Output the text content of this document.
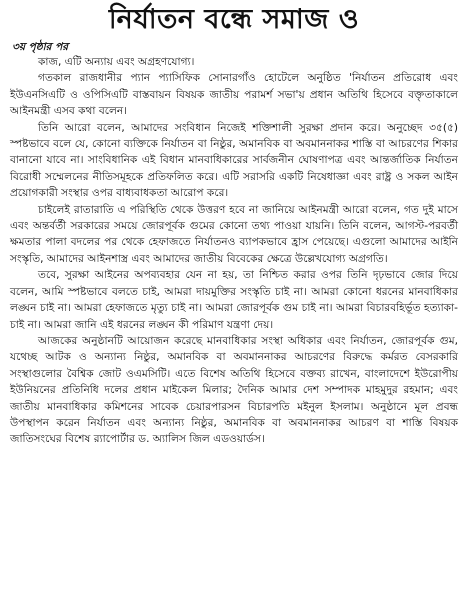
নির্যাতন বন্ধে সমাজ ও
৩য় পৃষ্ঠার পর

কাজ, এটি অন্যায় এবং অগ্রহণযোগ্য।

গতকাল রাজধানীর প্যান প্যাসিফিক সোনারগাঁও হোটেলে অনুষ্ঠিত 'নির্যাতন প্রতিরোধ এবং ইউএনসিএটি ও ওপিসিএটি বাস্তবায়ন বিষয়ক জাতীয় পরামর্শ সভা'য় প্রধান অতিথি হিসেবে বক্তৃতাকালে আইনমন্ত্রী এসব কথা বলেন।

তিনি আরো বলেন, আমাদের সংবিধান নিজেই শক্তিশালী সুরক্ষা প্রদান করে। অনুচ্ছেদ ৩৫(৫) স্পষ্টভাবে বলে যে, কোনো ব্যক্তিকে নির্যাতন বা নিষ্ঠুর, অমানবিক বা অবমাননাকর শাস্তি বা আচরণের শিকার বানানো যাবে না। সাংবিধানিক এই বিধান মানবাধিকারের সার্বজনীন ঘোষণাপত্র এবং আন্তর্জাতিক নির্যাতন বিরোধী সম্মেলনের নীতিসমূহকে প্রতিফলিত করে। এটি সরাসরি একটি নিষেধাজ্ঞা এবং রাষ্ট্র ও সকল আইন প্রয়োগকারী সংস্থার ওপর বাধ্যবাধকতা আরোপ করে।

চাইলেই রাতারাতি এ পরিস্থিতি থেকে উত্তরণ হবে না জানিয়ে আইনমন্ত্রী আরো বলেন, গত দুই মাসে এবং অন্তর্বর্তী সরকারের সময়ে জোরপূর্বক গুমের কোনো তথ্য পাওয়া যায়নি। তিনি বলেন, আগস্ট-পরবর্তী ক্ষমতার পালা বদলের পর থেকে হেফাজতে নির্যাতনও ব্যাপকভাবে হ্রাস পেয়েছে। এগুলো আমাদের আইনি সংস্কৃতি, আমাদের আইনশাস্ত্র এবং আমাদের জাতীয় বিবেকের ক্ষেত্রে উল্লেখযোগ্য অগ্রগতি।

তবে, সুরক্ষা আইনের অপব্যবহার যেন না হয়, তা নিশ্চিত করার ওপর তিনি দৃঢ়ভাবে জোর দিয়ে বলেন, আমি স্পষ্টভাবে বলতে চাই, আমরা দায়মুক্তির সংস্কৃতি চাই না। আমরা কোনো ধরনের মানবাধিকার লঙ্ঘন চাই না। আমরা হেফাজতে মৃত্যু চাই না। আমরা জোরপূর্বক গুম চাই না। আমরা বিচারবহির্ভূত হত্যাকা- চাই না। আমরা জানি এই ধরনের লঙ্ঘন কী পরিমাণ যন্ত্রণা দেয়।

আজকের অনুষ্ঠানটি আয়োজন করেছে মানবাধিকার সংস্থা অধিকার এবং নির্যাতন, জোরপূর্বক গুম, যথেচ্ছ আটক ও অন্যান্য নিষ্ঠুর, অমানবিক বা অবমাননাকর আচরণের বিরুদ্ধে কর্মরত বেসরকারি সংস্থাগুলোর বৈশ্বিক জোট ওএমসিটি। এতে বিশেষ অতিথি হিসেবে বক্তব্য রাখেন, বাংলাদেশে ইউরোপীয় ইউনিয়নের প্রতিনিধি দলের প্রধান মাইকেল মিলার; দৈনিক আমার দেশ সম্পাদক মাহমুদুর রহমান; এবং জাতীয় মানবাধিকার কমিশনের সাবেক চেয়ারপারসন বিচারপতি মইনুল ইসলাম। অনুষ্ঠানে মূল প্রবন্ধ উপস্থাপন করেন নির্যাতন এবং অন্যান্য নিষ্ঠুর, অমানবিক বা অবমাননাকর আচরণ বা শাস্তি বিষয়ক জাতিসংঘের বিশেষ র‍্যাপোর্টার ড. অ্যালিস জিল এডওয়ার্ডস।
